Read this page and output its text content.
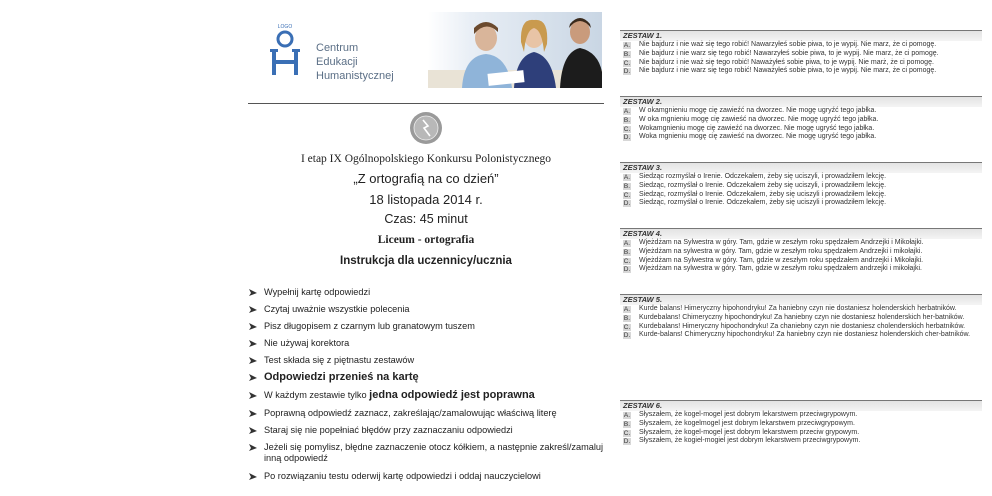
LOGO
Centrum
Edukacji
Humanistycznej
I etap IX Ogólnopolskiego Konkursu Polonistycznego
„Z ortografią na co dzień”
18 listopada 2014 r.
Czas: 45 minut
Liceum - ortografia
Instrukcja dla uczennicy/ucznia
Wypełnij kartę odpowiedzi
Czytaj uważnie wszystkie polecenia
Pisz długopisem z czarnym lub granatowym tuszem
Nie używaj korektora
Test składa się z piętnastu zestawów
Odpowiedzi przenieś na kartę
W każdym zestawie tylko jedna odpowiedź jest poprawna
Poprawną odpowiedź zaznacz, zakreślając/zamalowując właściwą literę
Staraj się nie popełniać błędów przy zaznaczaniu odpowiedzi
Jeżeli się pomylisz, błędne zaznaczenie otocz kółkiem, a następnie zakreśl/zamaluj inną odpowiedź
Po rozwiązaniu testu oderwij kartę odpowiedzi i oddaj nauczycielowi
ZESTAW 1.
A. Nie bajdurz i nie waż się tego robić! Nawarzyłeś sobie piwa, to je wypij. Nie marz, że ci pomogę.
B. Nie bajdurz i nie warz się tego robić! Nawarzyłeś sobie piwa, to je wypij. Nie marz, że ci pomogę.
C. Nie bajdurz i nie waż się tego robić! Naważyłeś sobie piwa, to je wypij. Nie marż, że ci pomogę.
D. Nie bajdurz i nie warz się tego robić! Naważyłeś sobie piwa, to je wypij. Nie marz, że ci pomogę.
ZESTAW 2.
A. W okamgnieniu mogę cię zawieźć na dworzec. Nie mogę ugryźć tego jabłka.
B. W oka mgnieniu mogę cię zawieść na dworzec. Nie mogę ugryźć tego jabłka.
C. Wokamgnieniu mogę cię zawieźć na dworzec. Nie mogę ugryść tego jabłka.
D. Woka mgnieniu mogę cię zawieść na dworzec. Nie mogę ugryść tego jabłka.
ZESTAW 3.
A. Siedząc rozmyślał o Irenie. Odczekałem, żeby się uciszyli, i prowadziłem lekcję.
B. Siedząc, rozmyślał o Irenie. Odczekałem żeby się uciszyli, i prowadziłem lekcję.
C. Siedząc, rozmyślał o Irenie. Odczekałem, żeby się uciszyli i prowadziłem lekcję.
D. Siedząc, rozmyślał o Irenie. Odczekałem, żeby się uciszyli i prowadziłem lekcję.
ZESTAW 4.
A. Wjeżdżam na Sylwestra w góry. Tam, gdzie w zeszłym roku spędzałem Andrzejki i Mikołajki.
B. Wjeżdżam na sylwestra w góry. Tam, gdzie w zeszłym roku spędzałem Andrzejki i mikołajki.
C. Wjeżdżam na Sylwestra w góry. Tam, gdzie w zeszłym roku spędzałem andrzejki i Mikołajki.
D. Wjeżdżam na sylwestra w góry. Tam, gdzie w zeszłym roku spędzałem andrzejki i mikołajki.
ZESTAW 5.
A. Kurde balans! Himeryczny hipohondryku! Za haniebny czyn nie dostaniesz holenderskich herbatników.
B. Kurdebalans! Chimeryczny hipochondryku! Za haniebny czyn nie dostaniesz holenderskich her-batników.
C. Kurdebalans! Himeryczny hipochondryku! Za chaniebny czyn nie dostaniesz cholenderskich herbatników.
D. Kurde-balans! Chimeryczny hipochondryku! Za haniebny czyn nie dostaniesz holenderskich cher-batników.
ZESTAW 6.
A. Słyszałem, że kogel-mogel jest dobrym lekarstwem przeciwgrypowym.
B. Słyszałem, że kogelmogel jest dobrym lekarstwem przeciwgrypowym.
C. Słyszałem, że kogel-mogel jest dobrym lekarstwem przeciw grypowym.
D. Słyszałem, że kogiel-mogiel jest dobrym lekarstwem przeciwgrypowym.
